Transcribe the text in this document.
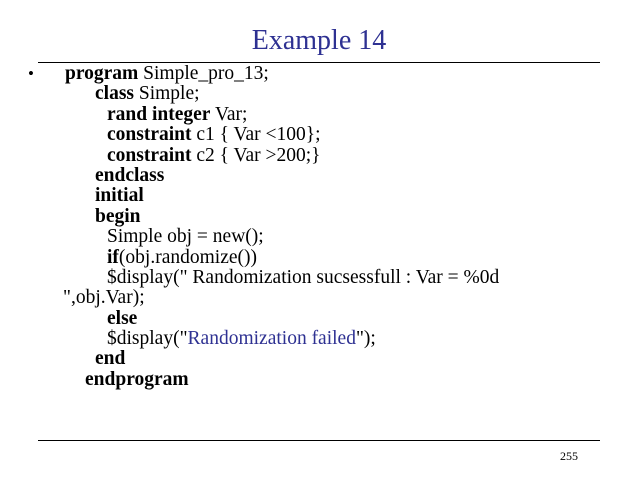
Example 14
•	program Simple_pro_13;
class Simple;
rand integer Var;
constraint c1 { Var <100};
constraint c2 { Var >200;}
endclass
initial
begin
Simple obj = new();
if(obj.randomize())
$display(" Randomization sucsessfull : Var = %0d
",obj.Var);
else
$display("Randomization failed");
end
endprogram
255
